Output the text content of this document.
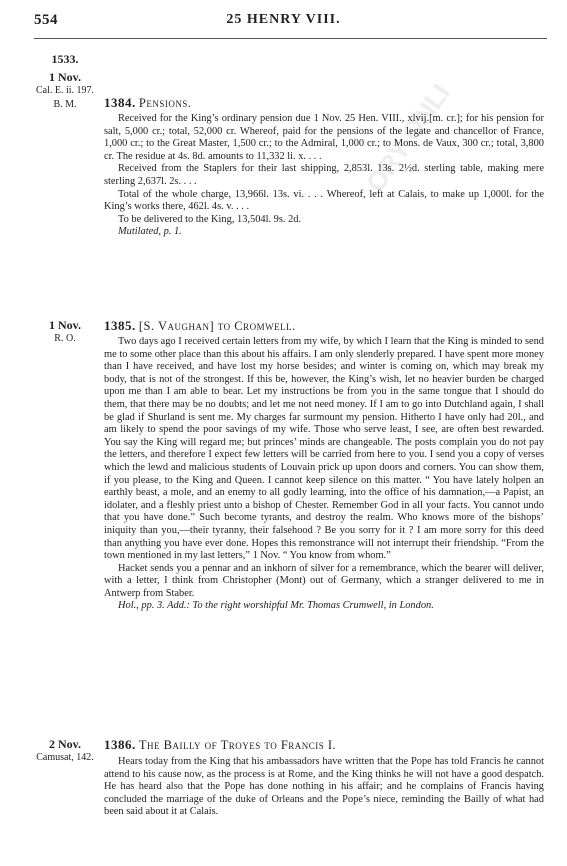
ORY ONLI
554	25 HENRY VIII.
1533.
1 Nov.
Cal. E. ii. 197.
B. M.	1384. Pensions.

Received for the King’s ordinary pension due 1 Nov. 25 Hen. VIII., xlvij.[m. cr.]; for his pension for salt, 5,000 cr.; total, 52,000 cr. Whereof, paid for the pensions of the legate and chancellor of France, 1,000 cr.; to the Great Master, 1,500 cr.; to the Admiral, 1,000 cr.; to Mons. de Vaux, 300 cr.; total, 3,800 cr. The residue at 4s. 8d. amounts to 11,332 li. x. . . .

Received from the Staplers for their last shipping, 2,853l. 13s. 2½d. sterling table, making mere sterling 2,637l. 2s. . . .

Total of the whole charge, 13,966l. 13s. vi. . . . Whereof, left at Calais, to make up 1,000l. for the King’s works there, 462l. 4s. v. . . .

To be delivered to the King, 13,504l. 9s. 2d.

Mutilated, p. 1.

1 Nov.
R. O.
1385. [S. Vaughan] to Cromwell.

Two days ago I received certain letters from my wife, by which I learn that the King is minded to send me to some other place than this about his affairs. I am only slenderly prepared. I have spent more money than I have received, and have lost my horse besides; and winter is coming on, which may break my body, that is not of the strongest. If this be, however, the King’s wish, let no heavier burden be charged upon me than I am able to bear. Let my instructions be from you in the same tongue that I should do them, that there may be no doubts; and let me not need money. If I am to go into Dutchland again, I shall be glad if Shurland is sent me. My charges far surmount my pension. Hitherto I have only had 20l., and am likely to spend the poor savings of my wife. Those who serve least, I see, are often best rewarded. You say the King will regard me; but princes’ minds are changeable. The posts complain you do not pay the letters, and therefore I expect few letters will be carried from here to you. I send you a copy of verses which the lewd and malicious students of Louvain prick up upon doors and corners. You can show them, if you please, to the King and Queen. I cannot keep silence on this matter. “ You have lately holpen an earthly beast, a mole, and an enemy to all godly learning, into the office of his damnation,—a Papist, an idolater, and a fleshly priest unto a bishop of Chester. Remember God in all your facts. You cannot undo that you have done.” Such become tyrants, and destroy the realm. Who knows more of the bishops’ iniquity than you,—their tyranny, their falsehood ? Be you sorry for it ? I am more sorry for this deed than anything you have ever done. Hopes this remonstrance will not interrupt their friendship. “From the town mentioned in my last letters,” 1 Nov. “ You know from whom.”

Hacket sends you a pennar and an inkhorn of silver for a remembrance, which the bearer will deliver, with a letter, I think from Christopher (Mont) out of Germany, which a stranger delivered to me in Antwerp from Staber.

Hol., pp. 3. Add.: To the right worshipful Mr. Thomas Crumwell, in London.

2 Nov.
Camusat, 142.
1386. The Bailly of Troyes to Francis I.

Hears today from the King that his ambassadors have written that the Pope has told Francis he cannot attend to his cause now, as the process is at Rome, and the King thinks he will not have a good despatch. He has heard also that the Pope has done nothing in his affair; and he complains of Francis having concluded the marriage of the duke of Orleans and the Pope’s niece, reminding the Bailly of what had been said about it at Calais.
